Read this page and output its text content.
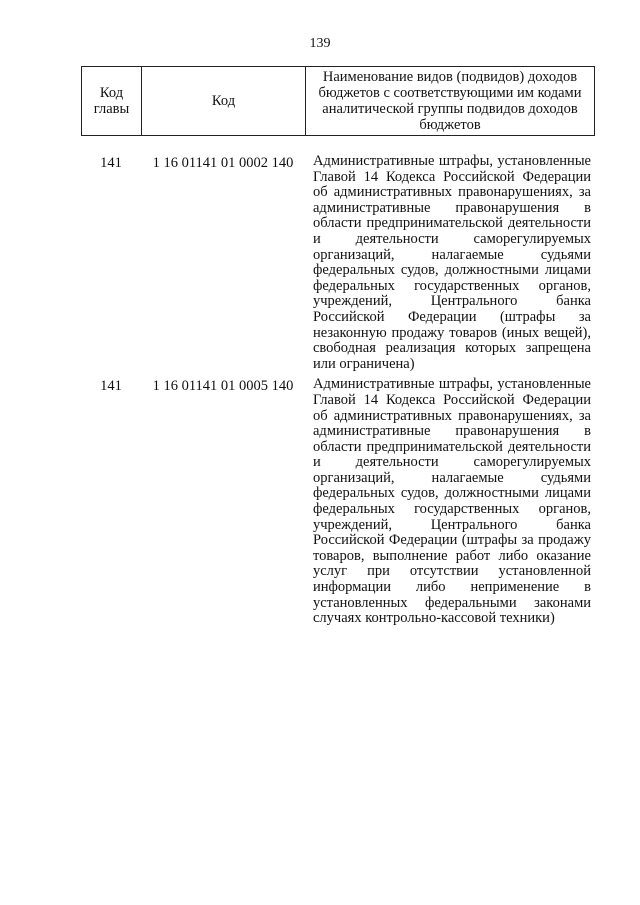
139
Код главы	Код	Наименование видов (подвидов) доходов бюджетов с соответствующими им кодами аналитической группы подвидов доходов бюджетов
141	1 16 01141 01 0002 140	Административные штрафы, установленные Главой 14 Кодекса Российской Федерации об административных правонарушениях, за административные правонарушения в области предпринимательской деятельности и деятельности саморегулируемых организаций, налагаемые судьями федеральных судов, должностными лицами федеральных государственных органов, учреждений, Центрального банка Российской Федерации (штрафы за незаконную продажу товаров (иных вещей), свободная реализация которых запрещена или ограничена)
141	1 16 01141 01 0005 140	Административные штрафы, установленные Главой 14 Кодекса Российской Федерации об административных правонарушениях, за административные правонарушения в области предпринимательской деятельности и деятельности саморегулируемых организаций, налагаемые судьями федеральных судов, должностными лицами федеральных государственных органов, учреждений, Центрального банка Российской Федерации (штрафы за продажу товаров, выполнение работ либо оказание услуг при отсутствии установленной информации либо неприменение в установленных федеральными законами случаях контрольно-кассовой техники)
